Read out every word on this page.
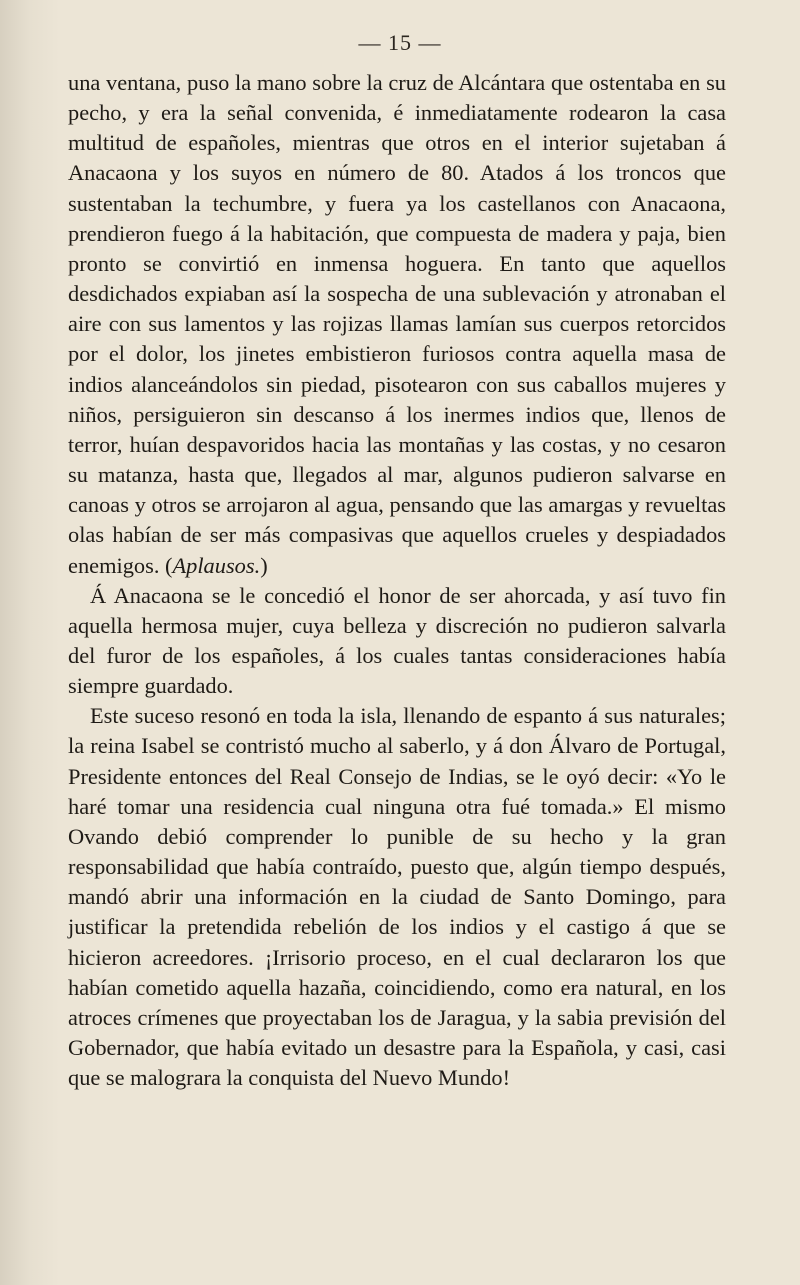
— 15 —

una ventana, puso la mano sobre la cruz de Alcántara que ostentaba en su pecho, y era la señal convenida, é inmediatamente rodearon la casa multitud de españoles, mientras que otros en el interior sujetaban á Anacaona y los suyos en número de 80. Atados á los troncos que sustentaban la techumbre, y fuera ya los castellanos con Anacaona, prendieron fuego á la habitación, que compuesta de madera y paja, bien pronto se convirtió en inmensa hoguera. En tanto que aquellos desdichados expiaban así la sospecha de una sublevación y atronaban el aire con sus lamentos y las rojizas llamas lamían sus cuerpos retorcidos por el dolor, los jinetes embistieron furiosos contra aquella masa de indios alanceándolos sin piedad, pisotearon con sus caballos mujeres y niños, persiguieron sin descanso á los inermes indios que, llenos de terror, huían despavoridos hacia las montañas y las costas, y no cesaron su matanza, hasta que, llegados al mar, algunos pudieron salvarse en canoas y otros se arrojaron al agua, pensando que las amargas y revueltas olas habían de ser más compasivas que aquellos crueles y despiadados enemigos. (Aplausos.)

Á Anacaona se le concedió el honor de ser ahorcada, y así tuvo fin aquella hermosa mujer, cuya belleza y discreción no pudieron salvarla del furor de los españoles, á los cuales tantas consideraciones había siempre guardado.

Este suceso resonó en toda la isla, llenando de espanto á sus naturales; la reina Isabel se contristó mucho al saberlo, y á don Álvaro de Portugal, Presidente entonces del Real Consejo de Indias, se le oyó decir: «Yo le haré tomar una residencia cual ninguna otra fué tomada.» El mismo Ovando debió comprender lo punible de su hecho y la gran responsabilidad que había contraído, puesto que, algún tiempo después, mandó abrir una información en la ciudad de Santo Domingo, para justificar la pretendida rebelión de los indios y el castigo á que se hicieron acreedores. ¡Irrisorio proceso, en el cual declararon los que habían cometido aquella hazaña, coincidiendo, como era natural, en los atroces crímenes que proyectaban los de Jaragua, y la sabia previsión del Gobernador, que había evitado un desastre para la Española, y casi, casi que se malograra la conquista del Nuevo Mundo!
